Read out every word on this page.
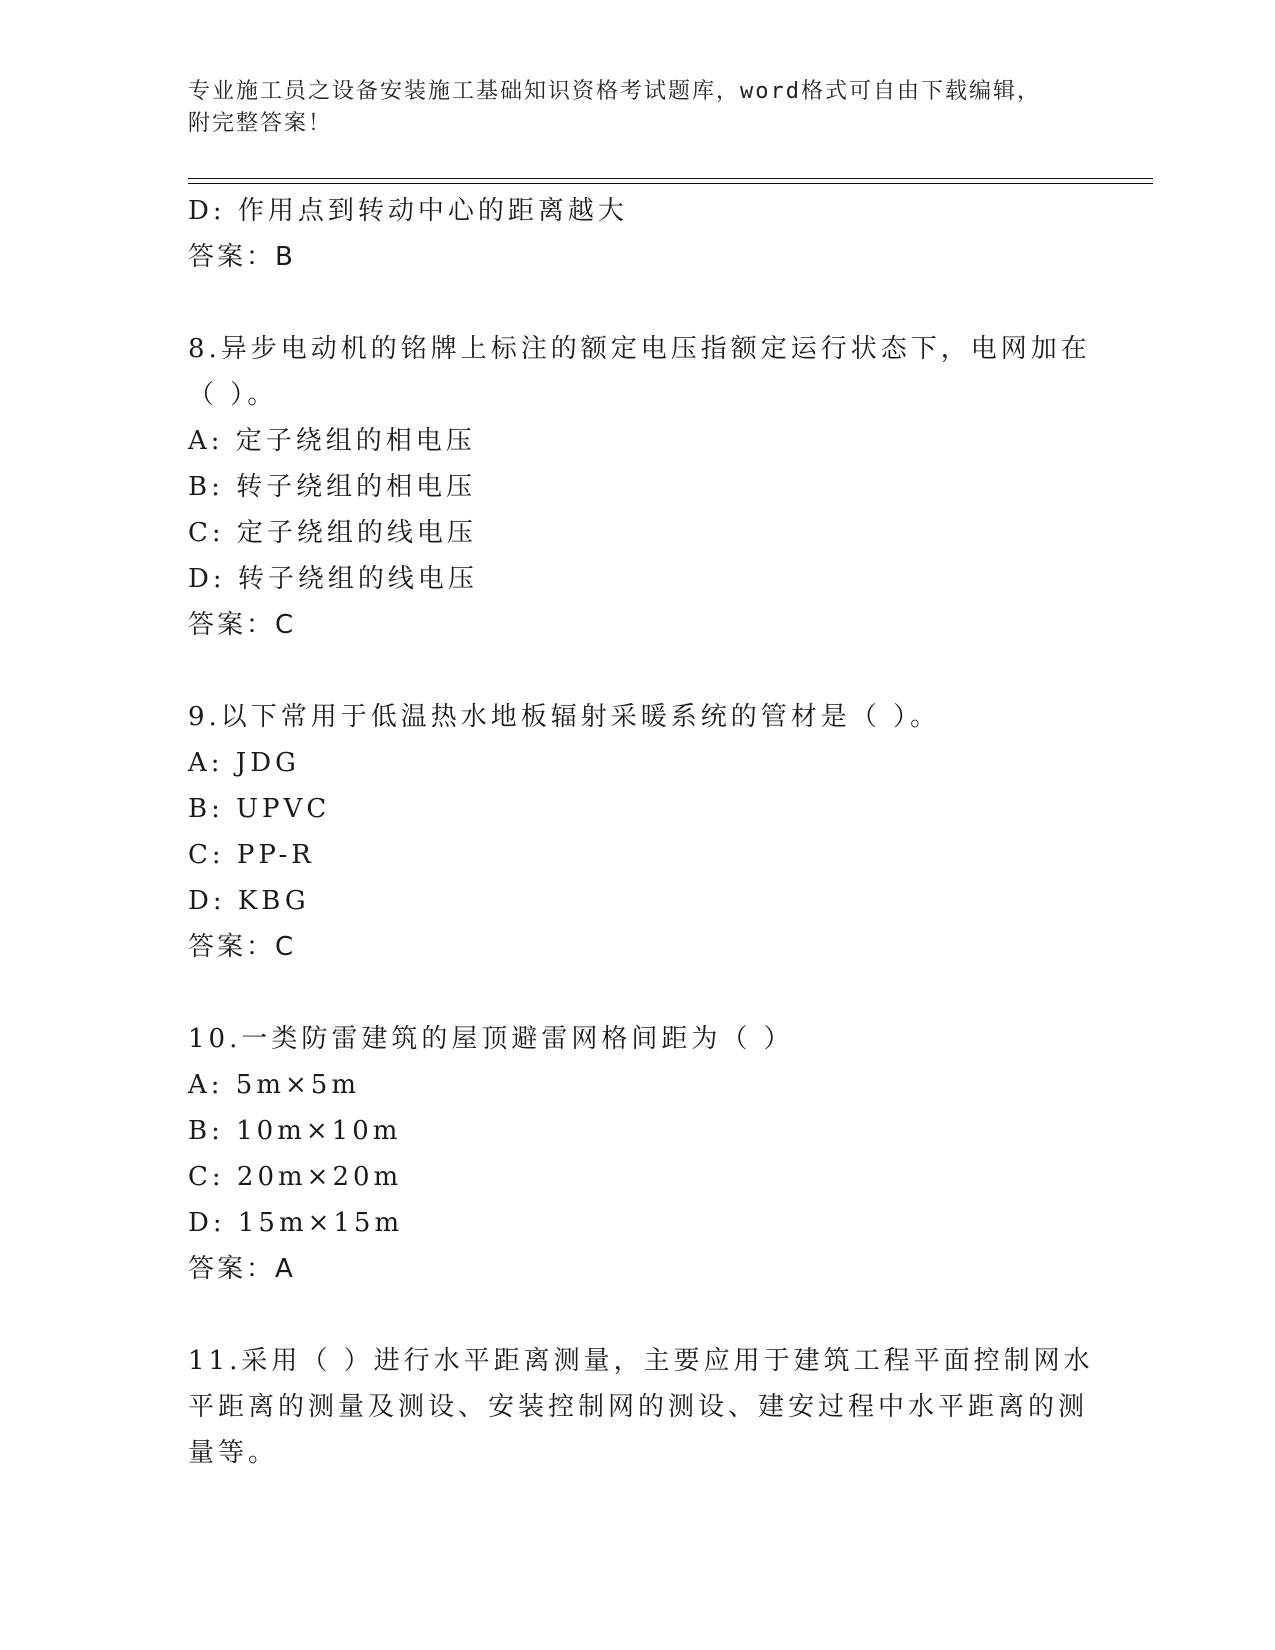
专业施工员之设备安装施工基础知识资格考试题库，word格式可自由下载编辑，
附完整答案！
D: 作用点到转动中心的距离越大
答案：B
8.异步电动机的铭牌上标注的额定电压指额定运行状态下，电网加在
（ ）。
A: 定子绕组的相电压
B: 转子绕组的相电压
C: 定子绕组的线电压
D: 转子绕组的线电压
答案：C
9.以下常用于低温热水地板辐射采暖系统的管材是（ ）。
A: JDG
B: UPVC
C: PP-R
D: KBG
答案：C
10.一类防雷建筑的屋顶避雷网格间距为（ ）
A: 5m×5m
B: 10m×10m
C: 20m×20m
D: 15m×15m
答案：A
11.采用（ ）进行水平距离测量，主要应用于建筑工程平面控制网水
平距离的测量及测设、安装控制网的测设、建安过程中水平距离的测
量等。
